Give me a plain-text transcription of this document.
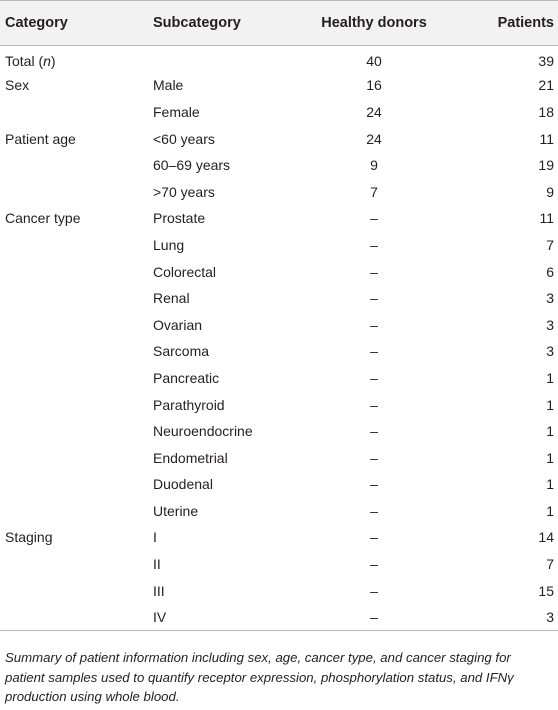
Category	Subcategory	Healthy donors	Patients
Total (n)		40	39
Sex	Male	16	21
	Female	24	18
Patient age	<60 years	24	11
	60–69 years	9	19
	>70 years	7	9
Cancer type	Prostate	–	11
	Lung	–	7
	Colorectal	–	6
	Renal	–	3
	Ovarian	–	3
	Sarcoma	–	3
	Pancreatic	–	1
	Parathyroid	–	1
	Neuroendocrine	–	1
	Endometrial	–	1
	Duodenal	–	1
	Uterine	–	1
Staging	I	–	14
	II	–	7
	III	–	15
	IV	–	3
Summary of patient information including sex, age, cancer type, and cancer staging for patient samples used to quantify receptor expression, phosphorylation status, and IFNγ production using whole blood.
